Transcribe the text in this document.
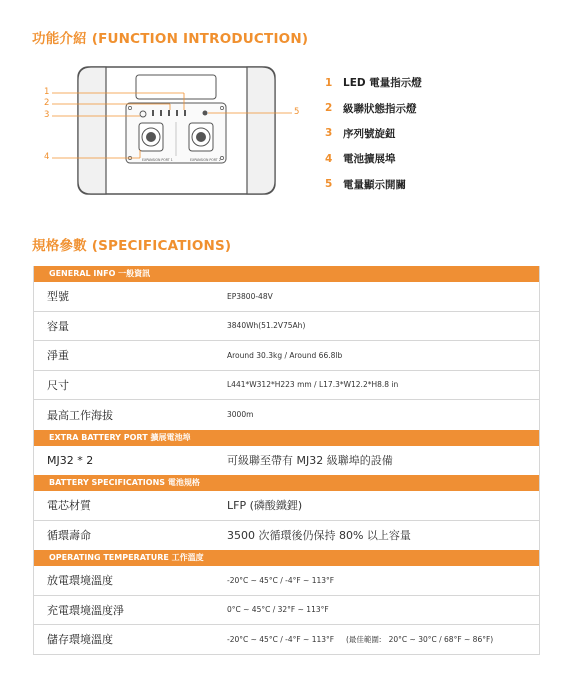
功能介紹 (FUNCTION INTRODUCTION)
EXPANSION PORT 1	EXPANSION PORT 2
1
2
3
4
5
1	LED 電量指示燈
2	級聯狀態指示燈
3	序列號旋鈕
4	電池擴展埠
5	電量顯示開關
規格參數 (SPECIFICATIONS)
GENERAL INFO 一般資訊
型號	EP3800-48V
容量	3840Wh(51.2V75Ah)
淨重	Around 30.3kg / Around 66.8lb
尺寸	L441*W312*H223 mm / L17.3*W12.2*H8.8 in
最高工作海拔	3000m
EXTRA BATTERY PORT 擴展電池埠
MJ32 * 2	可級聯至帶有 MJ32 級聯埠的設備
BATTERY SPECIFICATIONS 電池規格
電芯材質	LFP (磷酸鐵鋰)
循環壽命	3500 次循環後仍保持 80% 以上容量
OPERATING TEMPERATURE 工作溫度
放電環境溫度	-20°C ~ 45°C / -4°F ~ 113°F
充電環境溫度淨	0°C ~ 45°C / 32°F ~ 113°F
儲存環境溫度	-20°C ~ 45°C / -4°F ~ 113°F     (最佳範圍:   20°C ~ 30°C / 68°F ~ 86°F)
